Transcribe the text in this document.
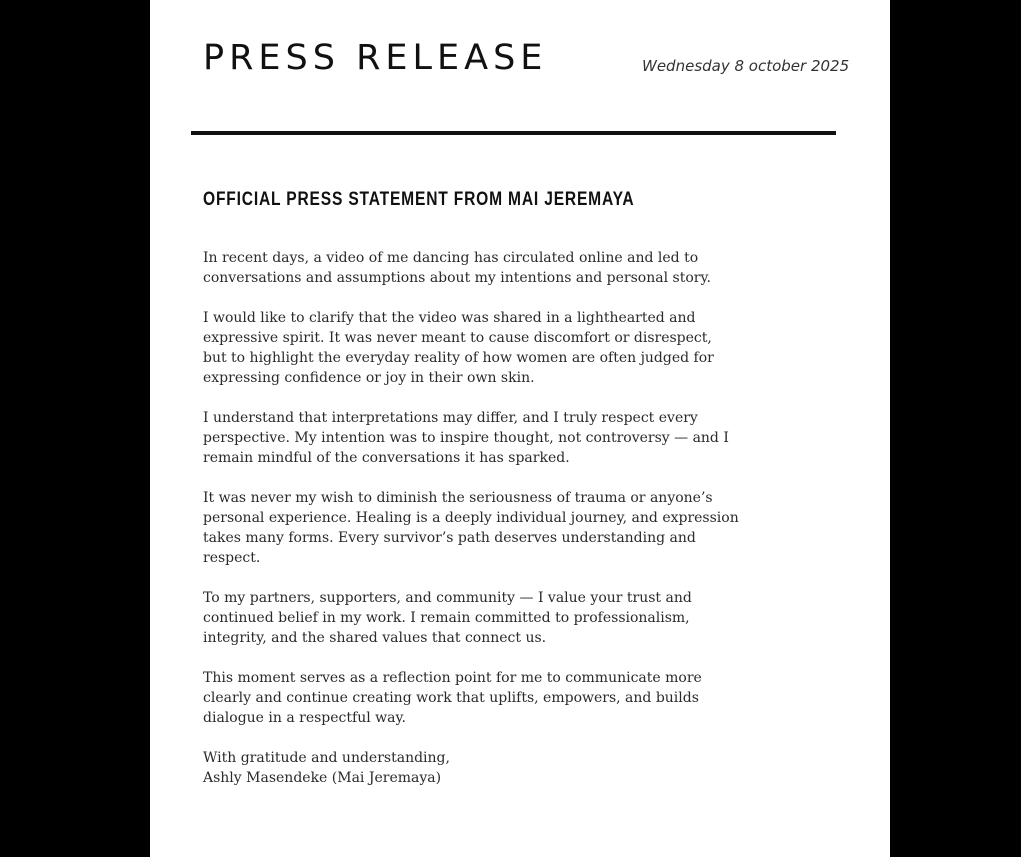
PRESS RELEASE	Wednesday 8 october 2025
OFFICIAL PRESS STATEMENT FROM MAI JEREMAYA

In recent days, a video of me dancing has circulated online and led to
conversations and assumptions about my intentions and personal story.

I would like to clarify that the video was shared in a lighthearted and
expressive spirit. It was never meant to cause discomfort or disrespect,
but to highlight the everyday reality of how women are often judged for
expressing confidence or joy in their own skin.

I understand that interpretations may differ, and I truly respect every
perspective. My intention was to inspire thought, not controversy — and I
remain mindful of the conversations it has sparked.

It was never my wish to diminish the seriousness of trauma or anyone’s
personal experience. Healing is a deeply individual journey, and expression
takes many forms. Every survivor’s path deserves understanding and
respect.

To my partners, supporters, and community — I value your trust and
continued belief in my work. I remain committed to professionalism,
integrity, and the shared values that connect us.

This moment serves as a reflection point for me to communicate more
clearly and continue creating work that uplifts, empowers, and builds
dialogue in a respectful way.

With gratitude and understanding,
Ashly Masendeke (Mai Jeremaya)
